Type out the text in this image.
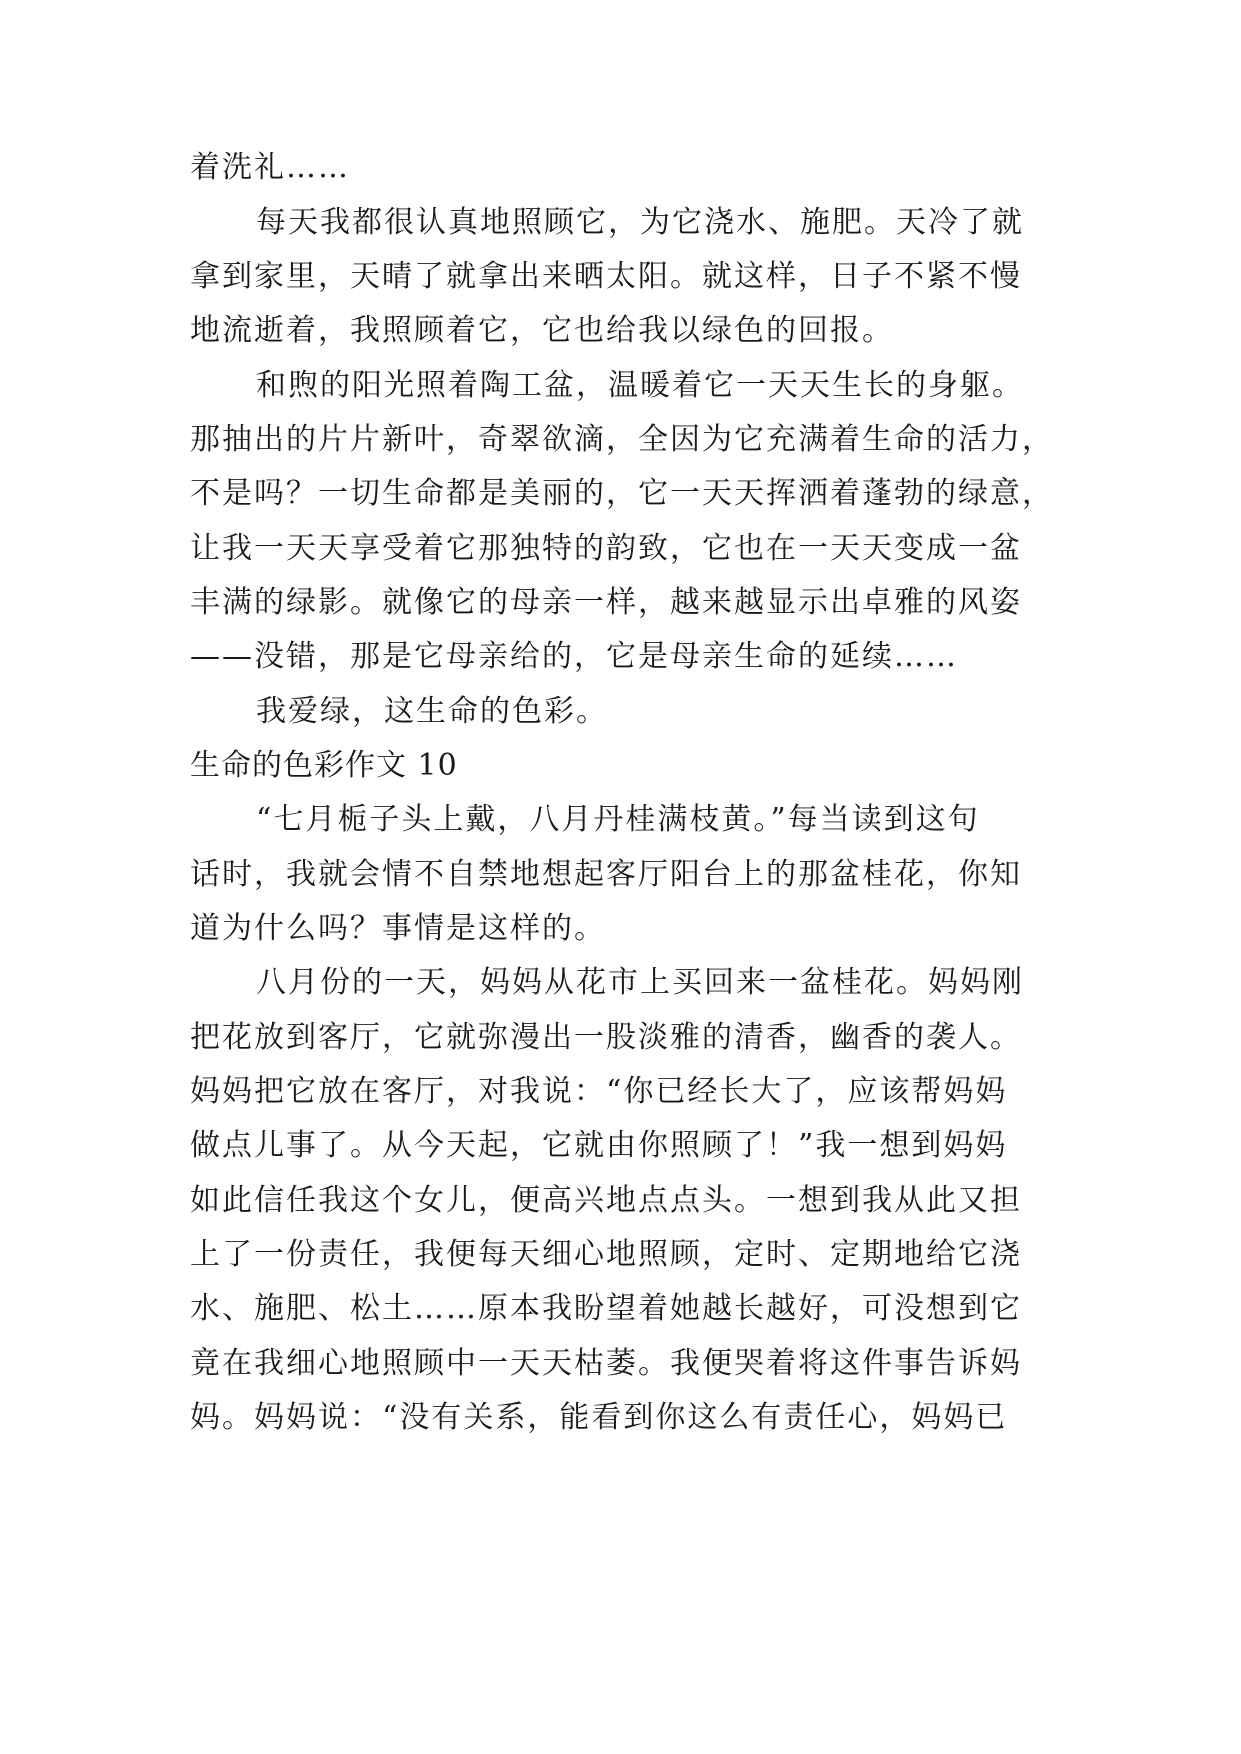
着洗礼……
每天我都很认真地照顾它，为它浇水、施肥。天冷了就
拿到家里，天晴了就拿出来晒太阳。就这样，日子不紧不慢
地流逝着，我照顾着它，它也给我以绿色的回报。
和煦的阳光照着陶工盆，温暖着它一天天生长的身躯。
那抽出的片片新叶，奇翠欲滴，全因为它充满着生命的活力，
不是吗？一切生命都是美丽的，它一天天挥洒着蓬勃的绿意，
让我一天天享受着它那独特的韵致，它也在一天天变成一盆
丰满的绿影。就像它的母亲一样，越来越显示出卓雅的风姿
——没错，那是它母亲给的，它是母亲生命的延续……
我爱绿，这生命的色彩。
生命的色彩作文 10
“七月栀子头上戴，八月丹桂满枝黄。”每当读到这句
话时，我就会情不自禁地想起客厅阳台上的那盆桂花，你知
道为什么吗？事情是这样的。
八月份的一天，妈妈从花市上买回来一盆桂花。妈妈刚
把花放到客厅，它就弥漫出一股淡雅的清香，幽香的袭人。
妈妈把它放在客厅，对我说：“你已经长大了，应该帮妈妈
做点儿事了。从今天起，它就由你照顾了！”我一想到妈妈
如此信任我这个女儿，便高兴地点点头。一想到我从此又担
上了一份责任，我便每天细心地照顾，定时、定期地给它浇
水、施肥、松土……原本我盼望着她越长越好，可没想到它
竟在我细心地照顾中一天天枯萎。我便哭着将这件事告诉妈
妈。妈妈说：“没有关系，能看到你这么有责任心，妈妈已
